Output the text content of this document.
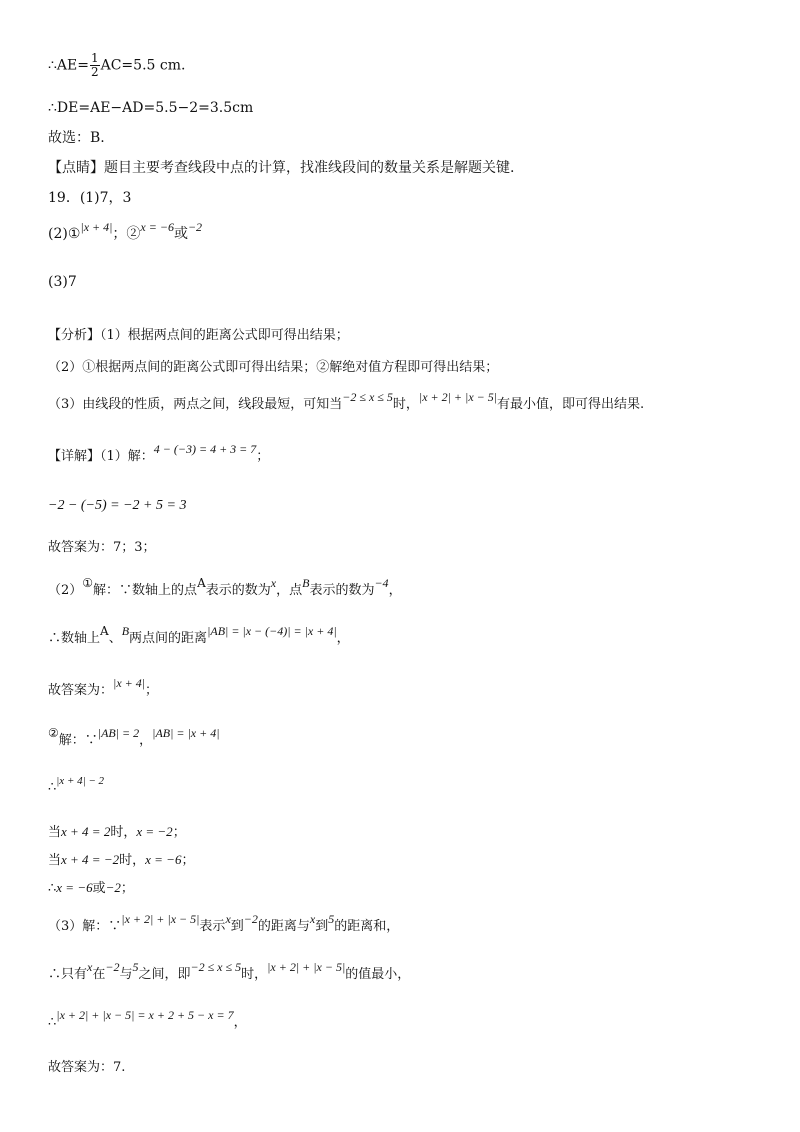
∴AE= $\frac{1}{2} AC=5.5$ cm.
∴DE=AE−AD=5.5−2=3.5cm
故选：B.
【点睛】题目主要考查线段中点的计算，找准线段间的数量关系是解题关键.
19．(1)7，3
(2)①|x + 4|；②x = −6或−2
(3)7
【分析】（1）根据两点间的距离公式即可得出结果；
（2）①根据两点间的距离公式即可得出结果；②解绝对值方程即可得出结果；
（3）由线段的性质，两点之间，线段最短，可知当−2 ≤ x ≤ 5时，|x + 2| + |x − 5|有最小值，即可得出结果.
【详解】（1）解：4 − (−3) = 4 + 3 = 7；
−2 − (−5) = −2 + 5 = 3
故答案为：7；3；
（2）①解：∵数轴上的点A表示的数为x，点B表示的数为−4，
∴数轴上A、B两点间的距离|AB| = |x − (−4)| = |x + 4|，
故答案为：|x + 4|；
②解：∵|AB| = 2，|AB| = |x + 4|
∴$^{|x + 4| - 2}$
当x + 4 = 2时，x = −2；
当x + 4 = −2时，x = −6；
∴x = −6或−2；
（3）解：∵|x + 2| + |x − 5|表示x到−2的距离与x到5的距离和，
∴只有x在−2与5之间，即−2 ≤ x ≤ 5时，|x + 2| + |x − 5|的值最小，
∴|x + 2| + |x − 5| = x + 2 + 5 − x = 7，
故答案为：7.
